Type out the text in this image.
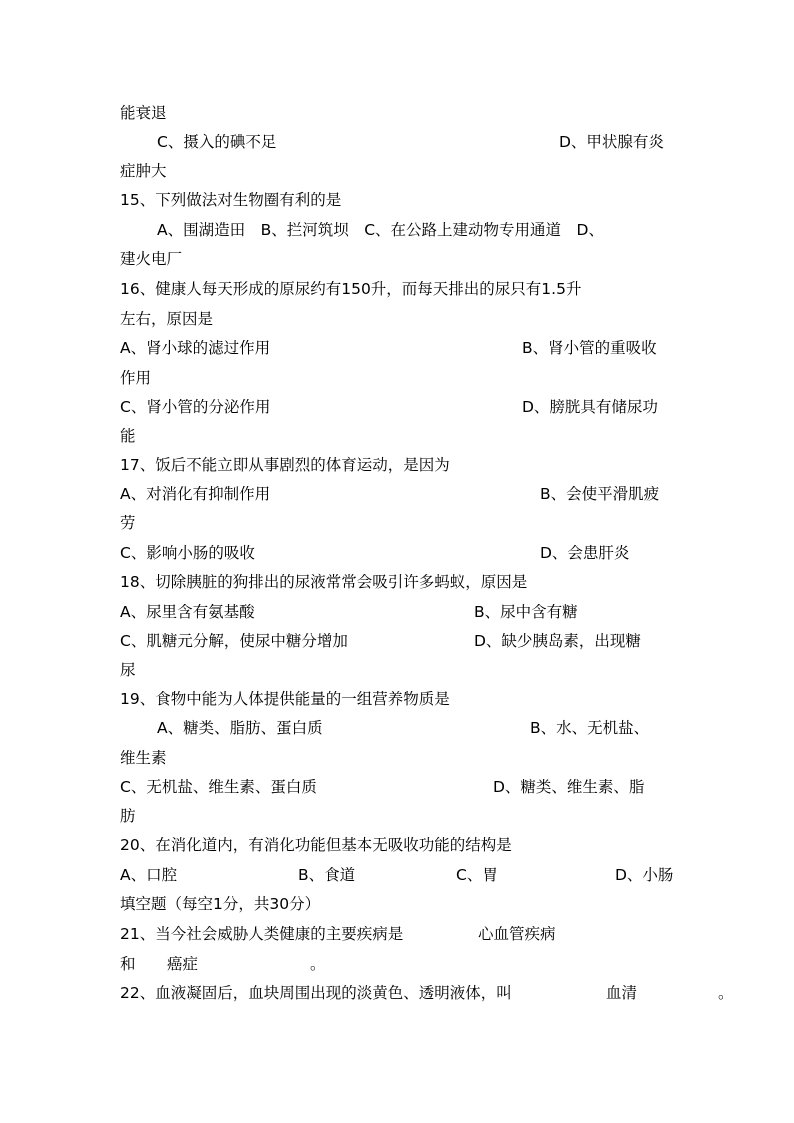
能衰退
C、摄入的碘不足	D、甲状腺有炎
症肿大
15、下列做法对生物圈有利的是
A、围湖造田　B、拦河筑坝　C、在公路上建动物专用通道　D、
建火电厂
16、健康人每天形成的原尿约有150升，而每天排出的尿只有1.5升
左右，原因是
A、肾小球的滤过作用	B、肾小管的重吸收
作用
C、肾小管的分泌作用	D、膀胱具有储尿功
能
17、饭后不能立即从事剧烈的体育运动，是因为
A、对消化有抑制作用	B、会使平滑肌疲
劳
C、影响小肠的吸收	D、会患肝炎
18、切除胰脏的狗排出的尿液常常会吸引许多蚂蚁，原因是
A、尿里含有氨基酸	B、尿中含有糖
C、肌糖元分解，使尿中糖分增加	D、缺少胰岛素，出现糖
尿
19、食物中能为人体提供能量的一组营养物质是
A、糖类、脂肪、蛋白质	B、水、无机盐、
维生素
C、无机盐、维生素、蛋白质	D、糖类、维生素、脂
肪
20、在消化道内，有消化功能但基本无吸收功能的结构是
A、口腔	B、食道	C、胃	D、小肠
填空题（每空1分，共30分）
21、当今社会威胁人类健康的主要疾病是	心血管疾病
和 癌症	。
22、血液凝固后，血块周围出现的淡黄色、透明液体，叫	血清	。
